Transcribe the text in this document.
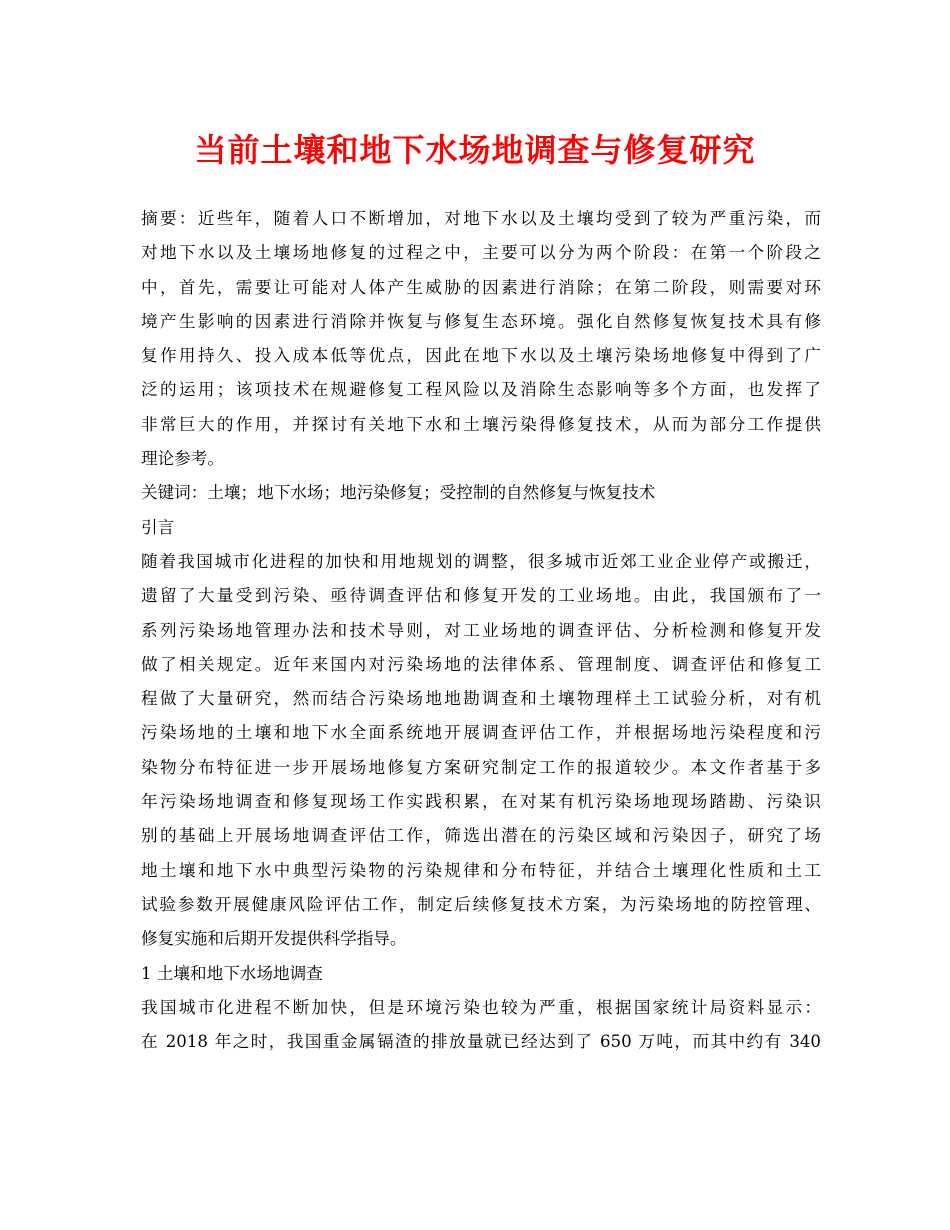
当前土壤和地下水场地调查与修复研究
摘要：近些年，随着人口不断增加，对地下水以及土壤均受到了较为严重污染，而
对地下水以及土壤场地修复的过程之中，主要可以分为两个阶段：在第一个阶段之
中，首先，需要让可能对人体产生威胁的因素进行消除；在第二阶段，则需要对环
境产生影响的因素进行消除并恢复与修复生态环境。强化自然修复恢复技术具有修
复作用持久、投入成本低等优点，因此在地下水以及土壤污染场地修复中得到了广
泛的运用；该项技术在规避修复工程风险以及消除生态影响等多个方面，也发挥了
非常巨大的作用，并探讨有关地下水和土壤污染得修复技术，从而为部分工作提供
理论参考。
关键词：土壤；地下水场；地污染修复；受控制的自然修复与恢复技术
引言
随着我国城市化进程的加快和用地规划的调整，很多城市近郊工业企业停产或搬迁，
遗留了大量受到污染、亟待调查评估和修复开发的工业场地。由此，我国颁布了一
系列污染场地管理办法和技术导则，对工业场地的调查评估、分析检测和修复开发
做了相关规定。近年来国内对污染场地的法律体系、管理制度、调查评估和修复工
程做了大量研究，然而结合污染场地地勘调查和土壤物理样土工试验分析，对有机
污染场地的土壤和地下水全面系统地开展调查评估工作，并根据场地污染程度和污
染物分布特征进一步开展场地修复方案研究制定工作的报道较少。本文作者基于多
年污染场地调查和修复现场工作实践积累，在对某有机污染场地现场踏勘、污染识
别的基础上开展场地调查评估工作，筛选出潜在的污染区域和污染因子，研究了场
地土壤和地下水中典型污染物的污染规律和分布特征，并结合土壤理化性质和土工
试验参数开展健康风险评估工作，制定后续修复技术方案，为污染场地的防控管理、
修复实施和后期开发提供科学指导。
1 土壤和地下水场地调查
我国城市化进程不断加快，但是环境污染也较为严重，根据国家统计局资料显示：
在 2018 年之时，我国重金属镉渣的排放量就已经达到了 650 万吨，而其中约有 340
